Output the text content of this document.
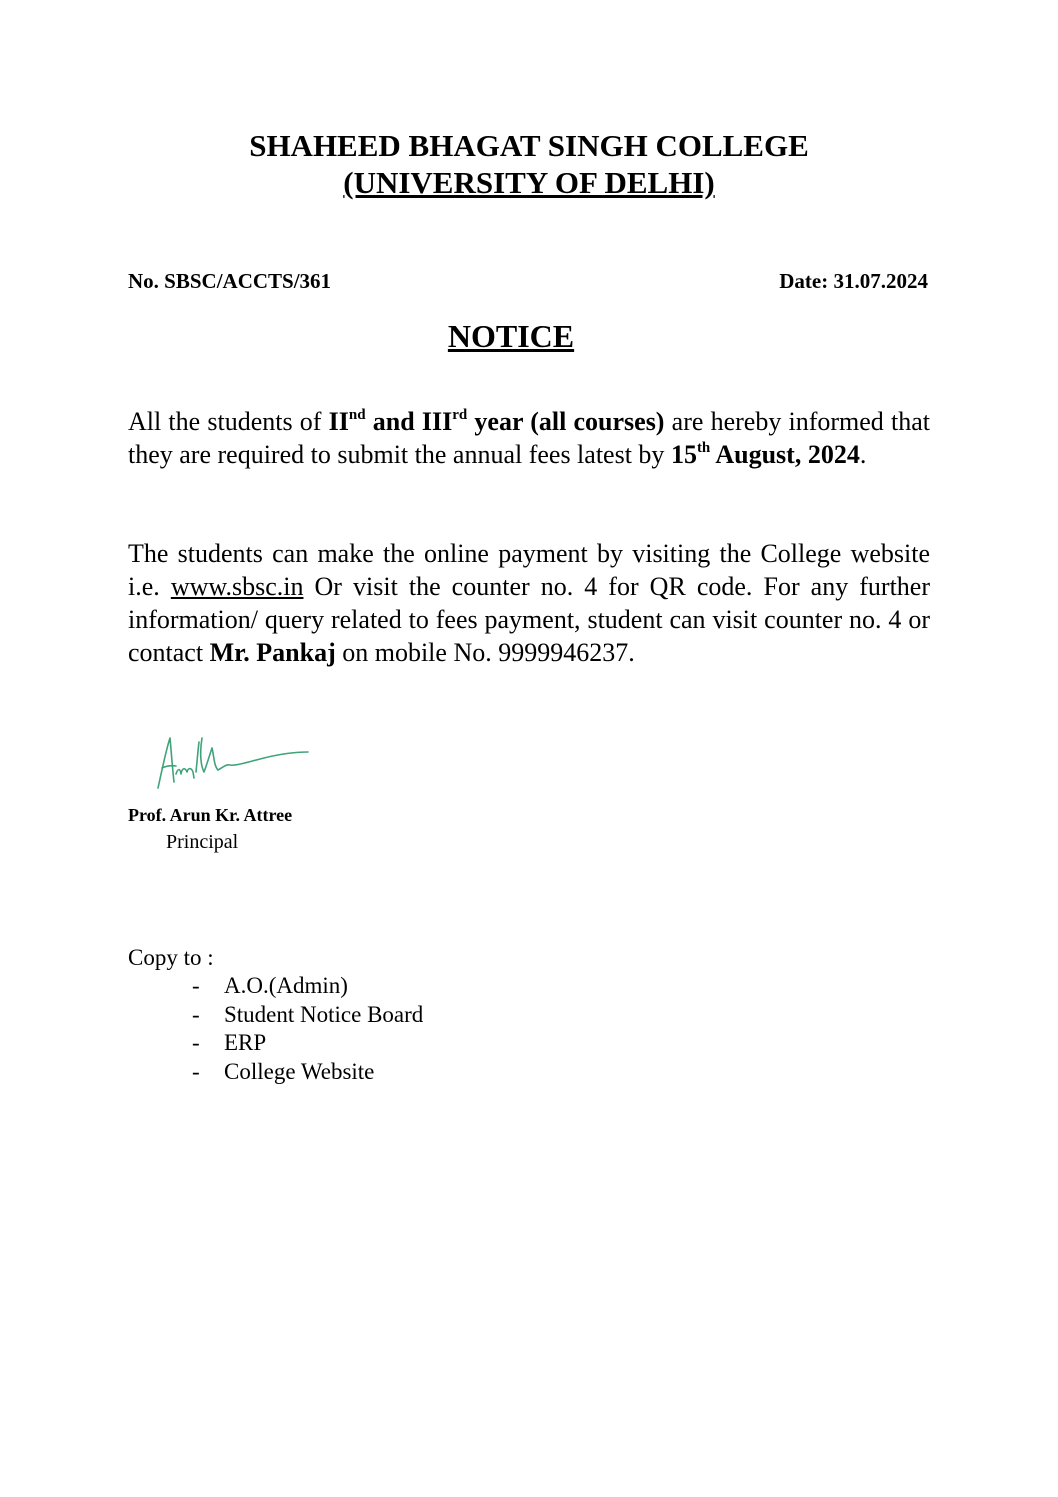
SHAHEED BHAGAT SINGH COLLEGE
(UNIVERSITY OF DELHI)
No. SBSC/ACCTS/361	Date: 31.07.2024
NOTICE
All the students of IInd and IIIrd year (all courses) are hereby informed that they are required to submit the annual fees latest by 15th August, 2024.
The students can make the online payment by visiting the College website i.e. www.sbsc.in Or visit the counter no. 4 for QR code. For any further information/ query related to fees payment, student can visit counter no. 4 or contact Mr. Pankaj on mobile No. 9999946237.
Prof. Arun Kr. Attree
Principal
Copy to :
-	A.O.(Admin)
-	Student Notice Board
-	ERP
-	College Website
